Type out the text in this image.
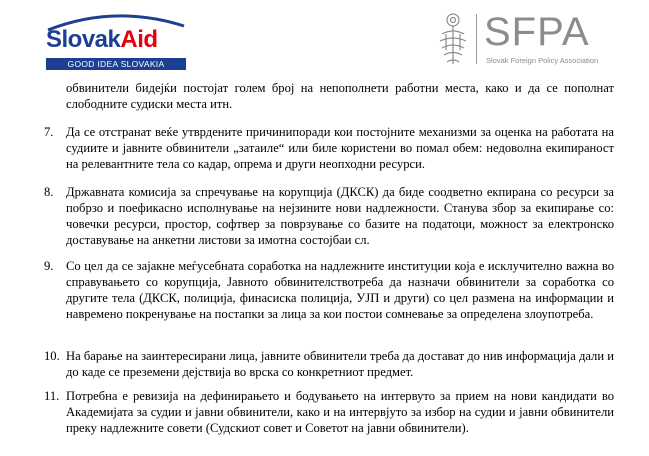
SlovakAid
GOOD IDEA SLOVAKIA
SFPA
Slovak Foreign Policy Association
обвинители бидејќи постојат голем број на непополнети работни места, како и да се пополнат слободните судиски места итн.
7. Да се отстранат веќе утврдените причинипоради кои постојните механизми за оценка на работата на судиите и јавните обвинители „затаиле“ или биле користени во помал обем: недоволна екипираност на релевантните тела со кадар, опрема и други неопходни ресурси.
8. Државната комисија за спречување на корупција (ДКСК) да биде соодветно екпирана со ресурси за побрзо и поефикасно исполнување на нејзините нови надлежности. Станува збор за екипирање со: човечки ресурси, простор, софтвер за поврзување со базите на податоци, можност за електронско доставување на анкетни листови за имотна состојбаи сл.
9. Со цел да се зајакне меѓусебната соработка на надлежните институции која е исклучително важна во справувањето со корупција, Јавното обвинителствотреба да назначи обвинители за соработка со другите тела (ДКСК, полиција, финасиска полиција, УЈП и други) со цел размена на информации и навремено покренување на постапки за лица за кои постои сомневање за определена злоупотреба.
10. На барање на заинтересирани лица, јавните обвинители треба да достават до нив информација дали и до каде се преземени дејствија во врска со конкретниот предмет.
11. Потребна е ревизија на дефинирањето и бодувањето на интервуто за прием на нови кандидати во Академијата за судии и јавни обвинители, како и на интервјуто за избор на судии и јавни обвинители преку надлежните совети (Судскиот совет и Советот на јавни обвинители).
